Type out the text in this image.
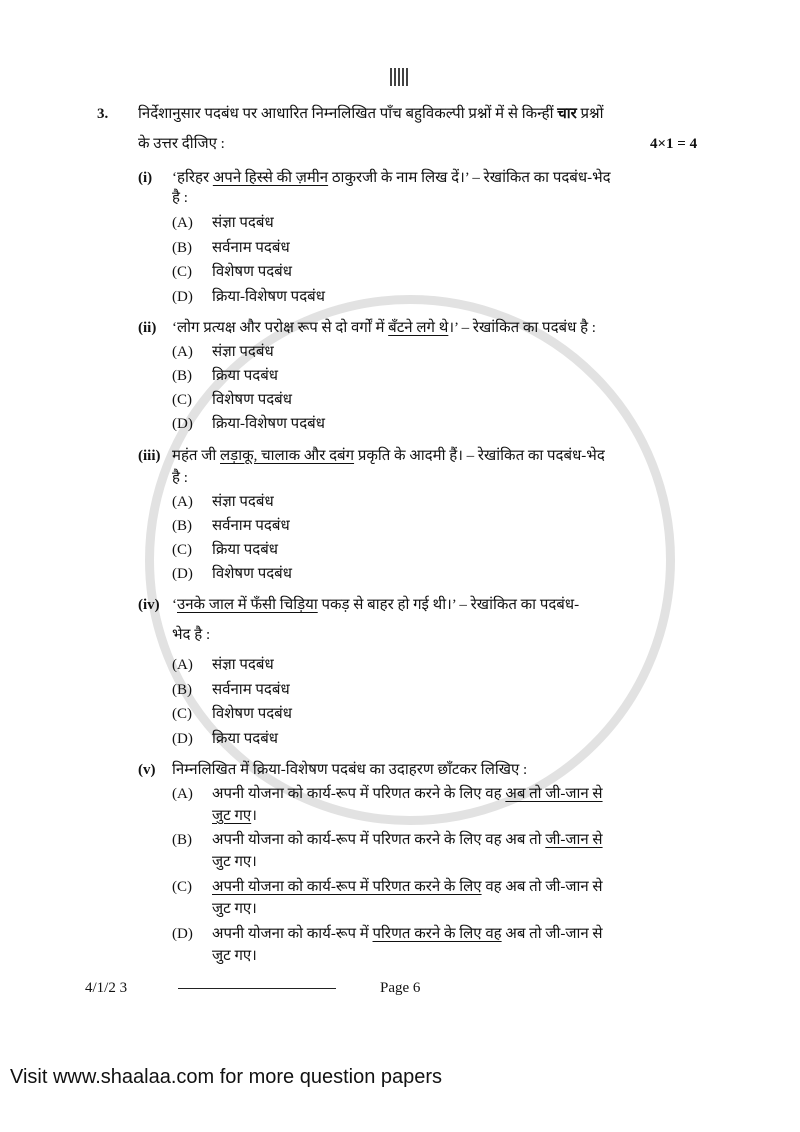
3. निर्देशानुसार पदबंध पर आधारित निम्नलिखित पाँच बहुविकल्पी प्रश्नों में से किन्हीं चार प्रश्नों
के उत्तर दीजिए :	4×1 = 4
(i)	‘हरिहर अपने हिस्से की ज़मीन ठाकुरजी के नाम लिख दें।’ – रेखांकित का पदबंध-भेद
है :
(A)	संज्ञा पदबंध
(B)	सर्वनाम पदबंध
(C)	विशेषण पदबंध
(D)	क्रिया-विशेषण पदबंध
(ii)	‘लोग प्रत्यक्ष और परोक्ष रूप से दो वर्गों में बँटने लगे थे।’ – रेखांकित का पदबंध है :
(A)	संज्ञा पदबंध
(B)	क्रिया पदबंध
(C)	विशेषण पदबंध
(D)	क्रिया-विशेषण पदबंध
(iii) महंत जी लड़ाकू, चालाक और दबंग प्रकृति के आदमी हैं। – रेखांकित का पदबंध-भेद
है :
(A)	संज्ञा पदबंध
(B)	सर्वनाम पदबंध
(C)	क्रिया पदबंध
(D)	विशेषण पदबंध
(iv) ‘उनके जाल में फँसी चिड़िया पकड़ से बाहर हो गई थी।’ – रेखांकित का पदबंध-
भेद है :
(A)	संज्ञा पदबंध
(B)	सर्वनाम पदबंध
(C)	विशेषण पदबंध
(D)	क्रिया पदबंध
(v)	निम्नलिखित में क्रिया-विशेषण पदबंध का उदाहरण छाँटकर लिखिए :
(A)	अपनी योजना को कार्य-रूप में परिणत करने के लिए वह अब तो जी-जान से
जुट गए।
(B)	अपनी योजना को कार्य-रूप में परिणत करने के लिए वह अब तो जी-जान से
जुट गए।
(C)	अपनी योजना को कार्य-रूप में परिणत करने के लिए वह अब तो जी-जान से
जुट गए।
(D)	अपनी योजना को कार्य-रूप में परिणत करने के लिए वह अब तो जी-जान से
जुट गए।
4/1/2 3	Page 6
Visit www.shaalaa.com for more question papers
